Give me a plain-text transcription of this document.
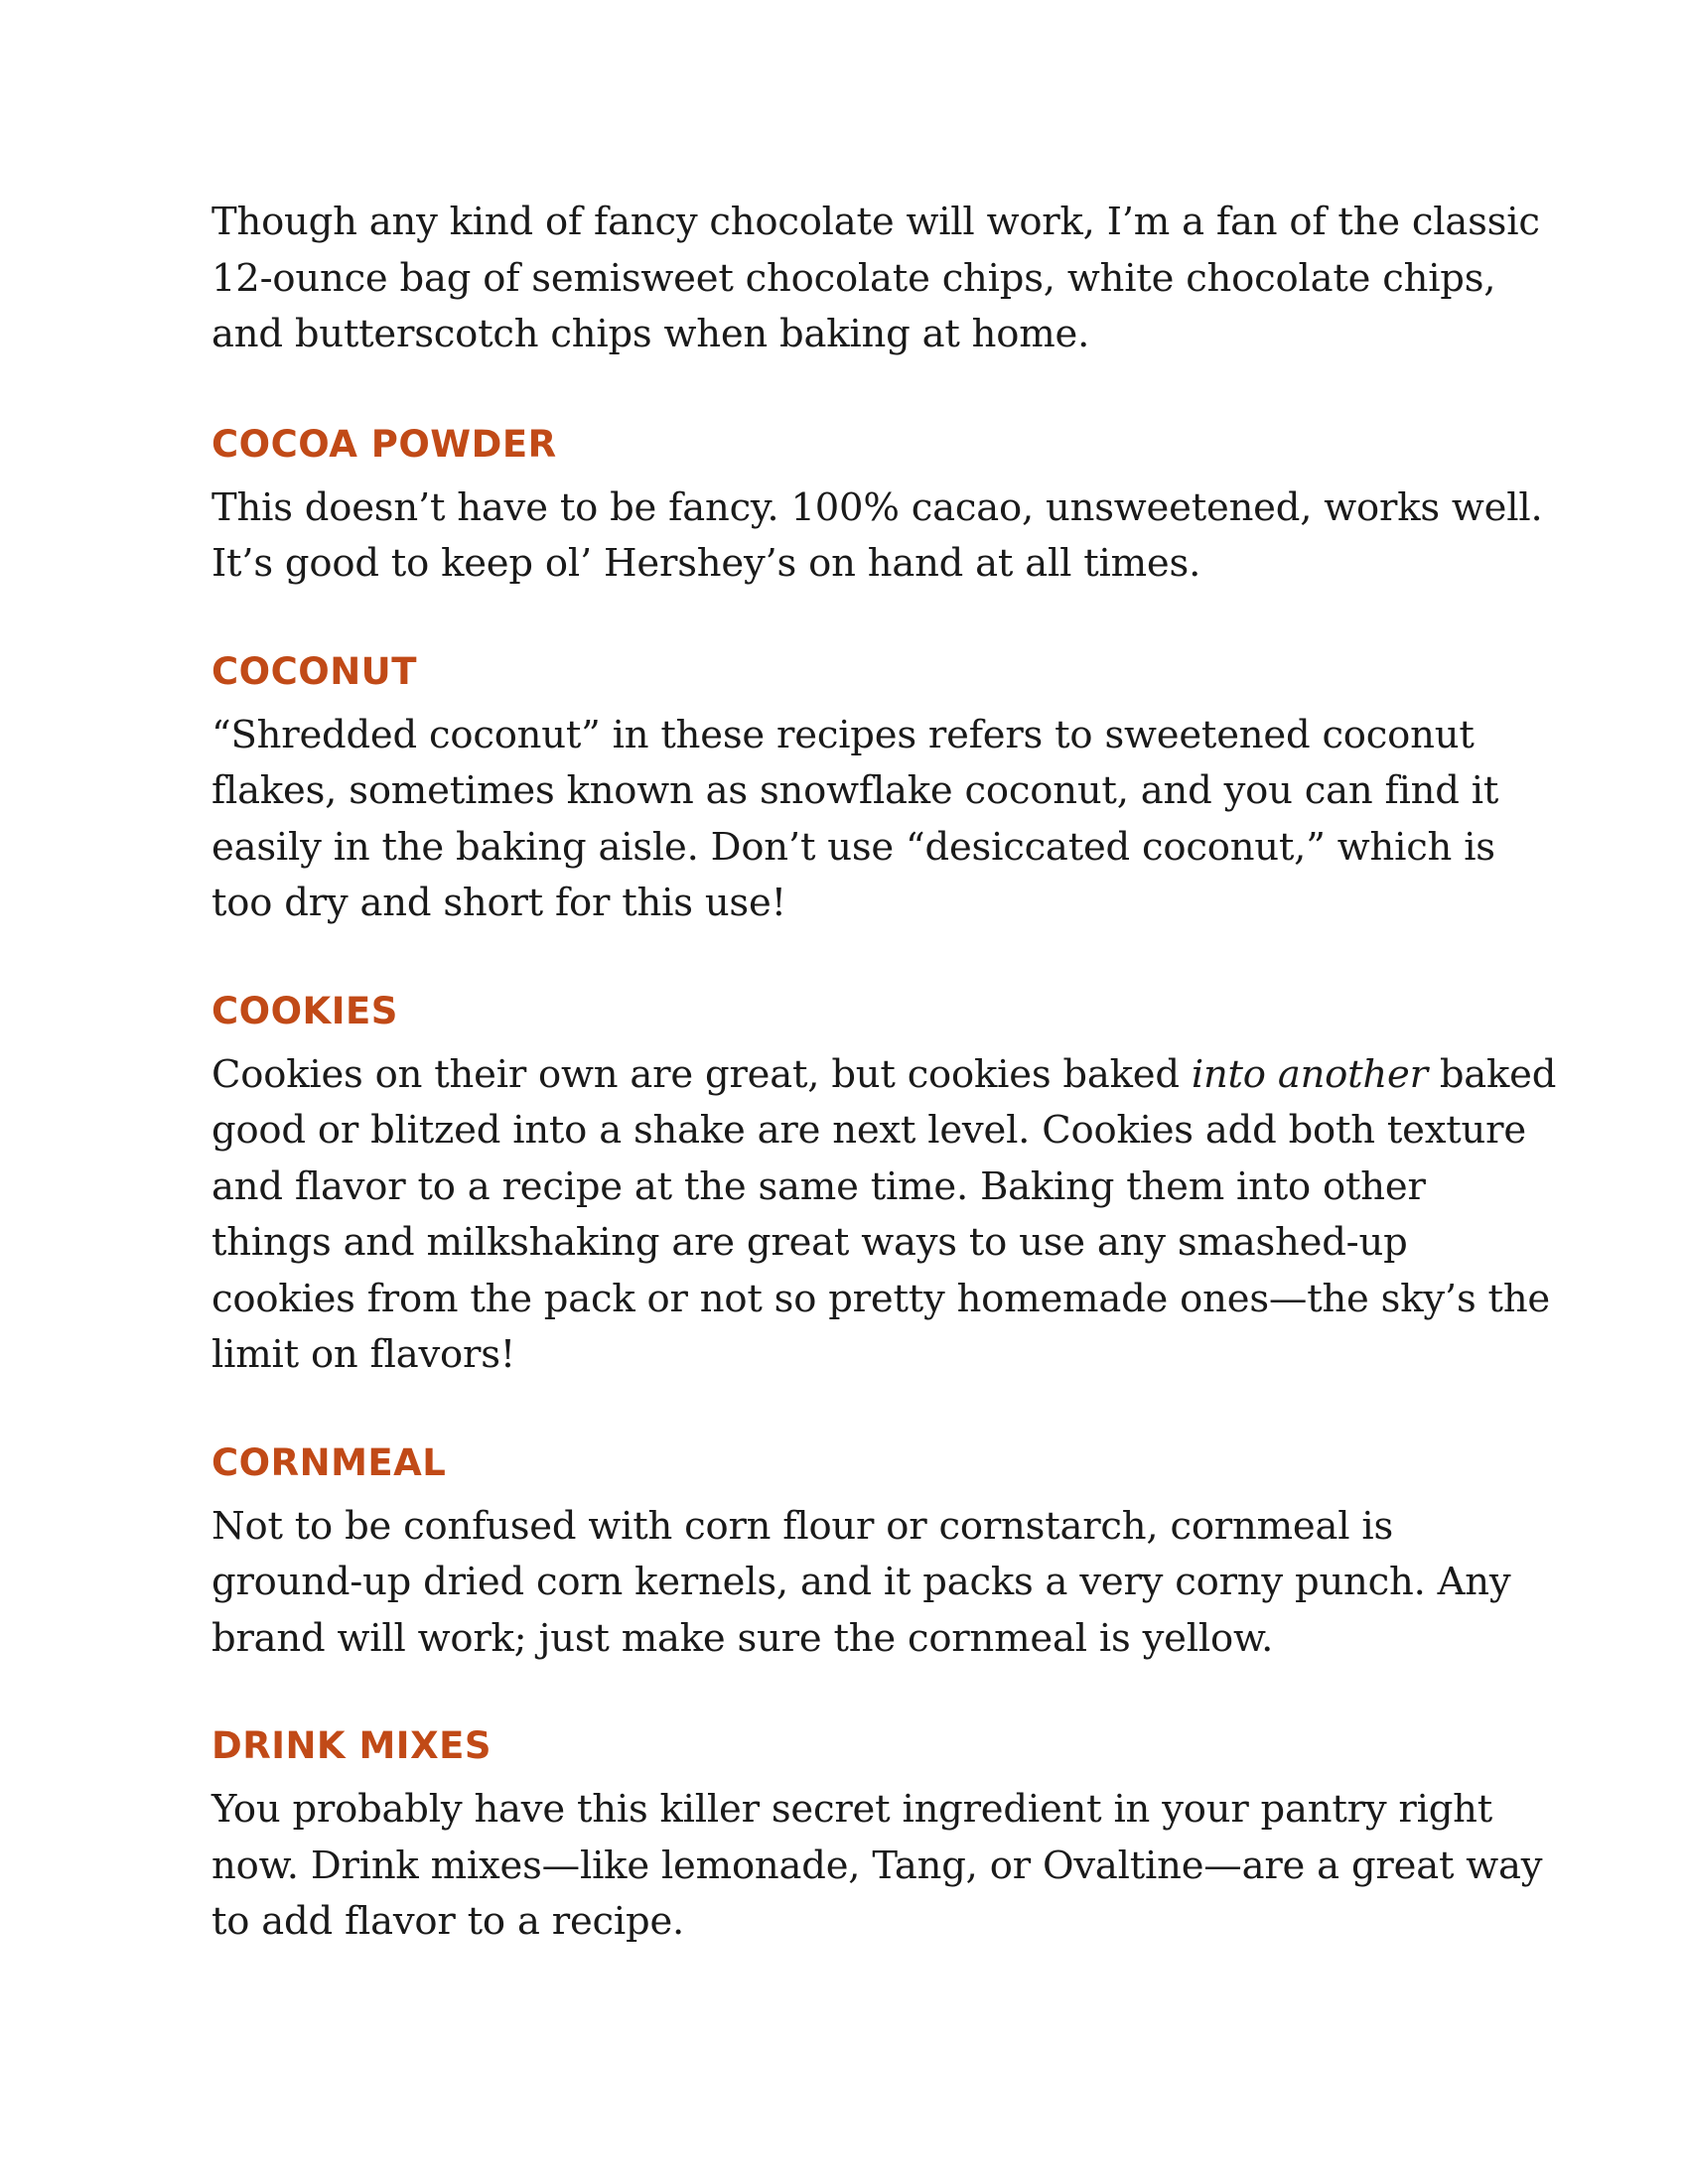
Though any kind of fancy chocolate will work, I’m a fan of the classic
12-ounce bag of semisweet chocolate chips, white chocolate chips,
and butterscotch chips when baking at home.

COCOA POWDER

This doesn’t have to be fancy. 100% cacao, unsweetened, works well.
It’s good to keep ol’ Hershey’s on hand at all times.

COCONUT

“Shredded coconut” in these recipes refers to sweetened coconut
flakes, sometimes known as snowflake coconut, and you can find it
easily in the baking aisle. Don’t use “desiccated coconut,” which is
too dry and short for this use!

COOKIES

Cookies on their own are great, but cookies baked into another baked
good or blitzed into a shake are next level. Cookies add both texture
and flavor to a recipe at the same time. Baking them into other
things and milkshaking are great ways to use any smashed-up
cookies from the pack or not so pretty homemade ones—the sky’s the
limit on flavors!

CORNMEAL

Not to be confused with corn flour or cornstarch, cornmeal is
ground-up dried corn kernels, and it packs a very corny punch. Any
brand will work; just make sure the cornmeal is yellow.

DRINK MIXES

You probably have this killer secret ingredient in your pantry right
now. Drink mixes—like lemonade, Tang, or Ovaltine—are a great way
to add flavor to a recipe.
